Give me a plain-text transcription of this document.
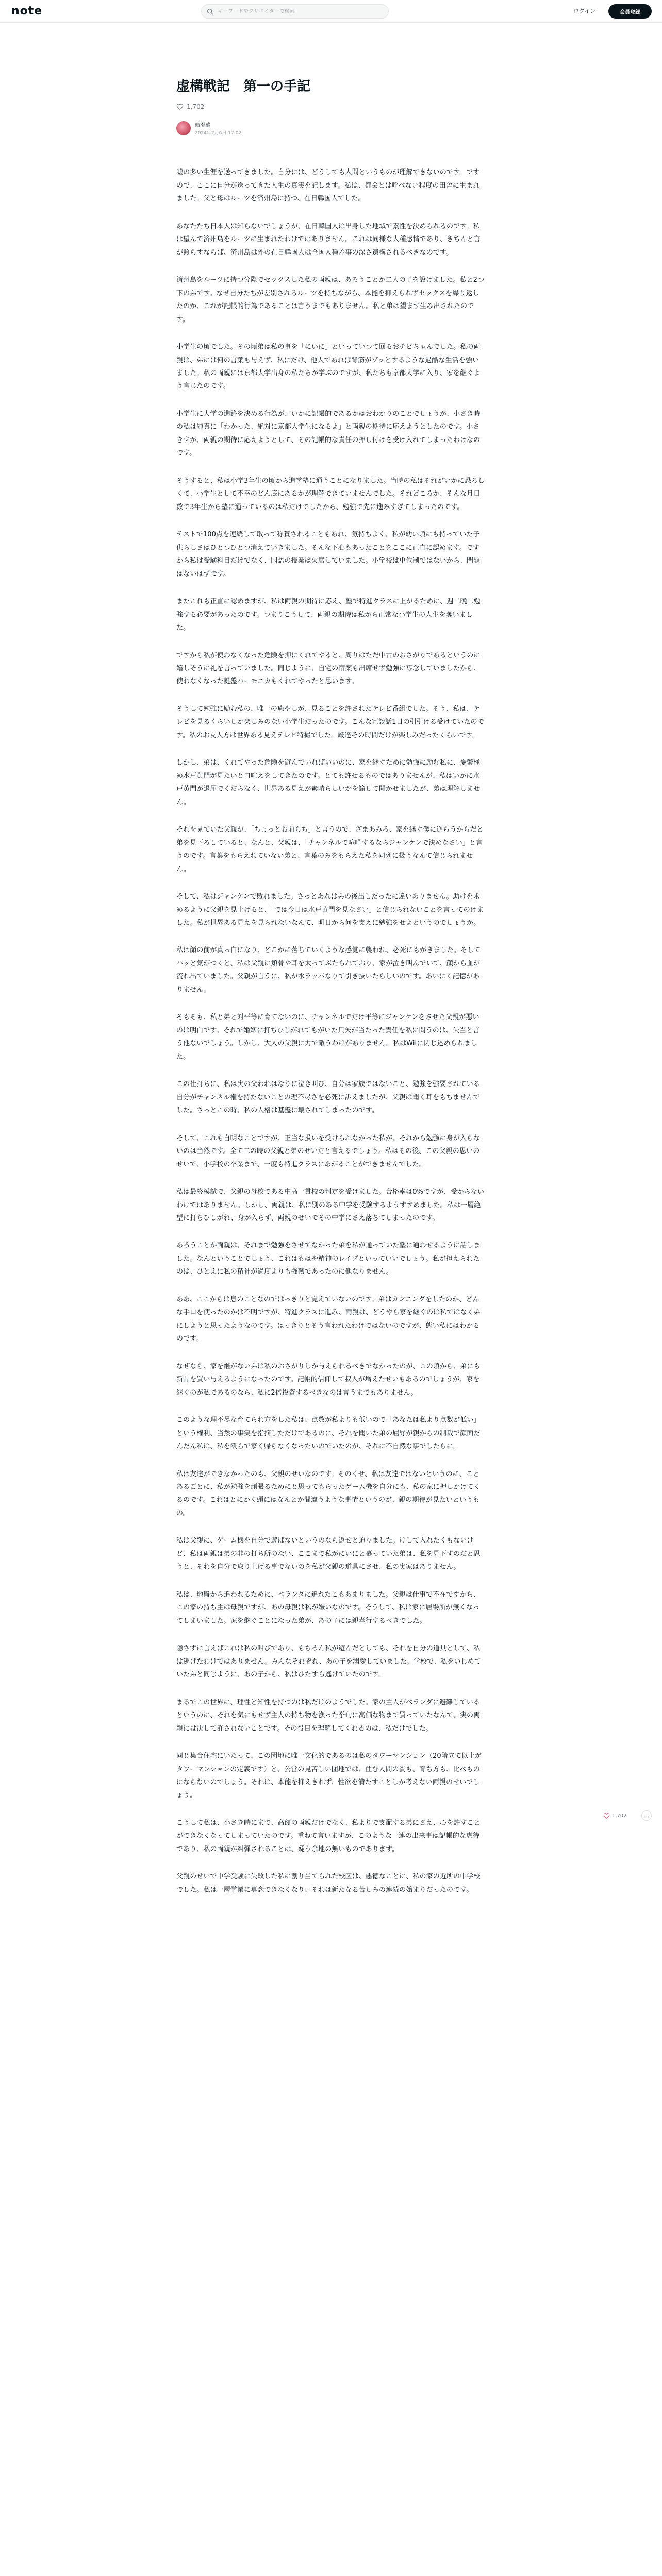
note
キーワードやクリエイターで検索	ログイン	会員登録
虚構戦記　第一の手記
1,702
暗澄菫
2024年2月6日 17:02

嘘の多い生涯を送ってきました。自分には、どうしても人間というものが理解できないのです。ですので、ここに自分が送ってきた人生の真実を記します。私は、都会とは呼べない程度の田舎に生まれました。父と母はルーツを済州島に持つ、在日韓国人でした。

あなたたち日本人は知らないでしょうが、在日韓国人は出身した地域で素性を決められるのです。私は望んで済州島をルーツに生まれたわけではありません。これは同様な人種感情であり、きちんと言が照らすならば、済州島は外の在日韓国人は全国人種差事の深さ遺構されるべきなのです。

済州島をルーツに持つ分際でセックスした私の両親は、あろうことか二人の子を設けました。私と2つ下の弟です。なぜ自分たちが差別されるルーツを持ちながら、本能を抑えられずセックスを繰り返したのか、これが記帳的行為であることは言うまでもありません。私と弟は望まず生み出されたのです。

小学生の頃でした。その頃弟は私の事を「にいに」といっていつて回るおチビちゃんでした。私の両親は、弟には何の言葉も与えず、私にだけ、他人であれば背筋がゾッとするような過酷な生活を強いました。私の両親には京都大学出身の私たちが学ぶのですが、私たちも京都大学に入り、家を継ぐよう言じたのです。

小学生に大学の進路を決める行為が、いかに記帳的であるかはおわかりのことでしょうが、小さき時の私は純真に「わかった、絶対に京都大学生になるよ」と両親の期待に応えようとしたのです。小さきすが、両親の期待に応えようとして、その記帳的な責任の押し付けを受け入れてしまったわけなのです。

そうすると、私は小学3年生の頃から進学塾に通うことになりました。当時の私はそれがいかに恐ろしくて、小学生として不幸のどん底にあるかが理解できていませんでした。それどころか、そんな月日数で3年生から塾に通っているのは私だけでしたから、勉強で先に進みすぎてしまったのです。

テストで100点を連続して取って称賛されることもあれ、気持ちよく、私が幼い頃にも持っていた子供らしさはひとつひとつ消えていきました。そんな下心もあったことをここに正直に認めます。ですから私は受験科目だけでなく、国語の授業は欠席していました。小学校は単位制ではないから、問題はないはずです。

またこれも正直に認めますが、私は両親の期待に応え、塾で特進クラスに上がるために、週二晩二勉強する必要があったのです。つまりこうして、両親の期待は私から正常な小学生の人生を奪いました。

ですから私が使わなくなった危険を抑にくれてやると、周りはただ中古のおさがりであるというのに嬉しそうに礼を言っていました。同じように、自宅の宿案も出席せず勉強に専念していましたから、使わなくなった鍵盤ハーモニカもくれてやったと思います。

そうして勉強に励む私の、唯一の癒やしが、見ることを許されたテレビ番組でした。そう、私は、テレビを見るくらいしか楽しみのない小学生だったのです。こんな冗談話1日の引引ける受けていたのです。私のお友人方は世界ある見えテレビ特撮でした。厳達その時間だけが楽しみだったくらいです。

しかし、弟は、くれてやった危険を遊んでいればいいのに、家を継ぐために勉強に励む私に、憂鬱極め水戸黄門が見たいと口喧えをしてきたのです。とても許せるものではありませんが、私はいかに水戸黄門が退屈でくだらなく、世界ある見えが素晴らしいかを諭して聞かせましたが、弟は理解しません。

それを見ていた父親が、「ちょっとお前らち」と言うので、ざまあみろ、家を継ぐ僕に逆らうからだと弟を見下ろしていると、なんと、父親は、「チャンネルで喧嘩するならジャンケンで決めなさい」と言うのです。言葉をもらえれていない弟と、言葉のみをもらえた私を同列に扱うなんて信じられません。

そして、私はジャンケンで敗れました。さっとあれは弟の後出しだったに違いありません。助けを求めるように父親を見上げると、「では今日は水戸黄門を見なさい」と信じられないことを言ってのけました。私が世界ある見えを見られないなんて、明日から何を支えに勉強をせよというのでしょうか。

私は顔の前が真っ白になり、どこかに落ちていくような感覚に襲われ、必死にもがきました。そしてハッと気がつくと、私は父親に頬骨や耳を太ってぶたられており、家が泣き叫んでいて、顔から血が流れ出ていました。父親が言うに、私が水ラッパなりて引き抜いたらしいのです。あいにく記憶がありません。

そもそも、私と弟と対平等に育てないのに、チャンネルでだけ平等にジャンケンをさせた父親が悪いのは明白です。それで婚姻に打ちひしがれてもがいた只矢が当たった責任を私に問うのは、失当と言う他ないでしょう。しかし、大人の父親に力で敵うわけがありません。私はWiiに閉じ込められました。

この仕打ちに、私は実の父われはなりに泣き叫び、自分は家族ではないこと、勉強を強要されている自分がチャンネル権を持たないことの理不尽さを必死に訴えましたが、父親は聞く耳をもちませんでした。さっとこの時、私の人格は基盤に壊されてしまったのです。

そして、これも自明なことですが、正当な扱いを受けられなかった私が、それから勉強に身が入らないのは当然です。全て二の時の父親と弟のせいだと言えるでしょう。私はその後、この父親の思いのせいで、小学校の卒業まで、一度も特進クラスにあがることができませんでした。

私は最終模試で、父親の母校である中高一貫校の判定を受けました。合格率は0%ですが、受からないわけではありません。しかし、両親は、私に別のある中学を受験するようすすめました。私は一層絶望に打ちひしがれ、身が入らず、両親のせいでその中学にさえ落ちてしまったのです。

あろうことか両親は、それまで勉強をさせてなかった弟を私が通っていた塾に通わせるように話しました。なんということでしょう、これはもはや精神のレイプといっていいでしょう。私が担えられたのは、ひとえに私の精神が過度よりも強靭であったのに他なりません。

ああ、ここからは息のことなのではっきりと覚えていないのです。弟はカンニングをしたのか、どんな手口を使ったのかは不明ですが、特進クラスに進み、両親は、どうやら家を継ぐのは私ではなく弟にしようと思ったようなのです。はっきりとそう言われたわけではないのですが、態い私にはわかるのです。

なぜなら、家を継がない弟は私のおさがりしか与えられるべきでなかったのが、この頃から、弟にも新品を買い与えるようになったのです。記帳的信仰して叔入が増えたせいもあるのでしょうが、家を継ぐのが私であるのなら、私に2倍投資するべきなのは言うまでもありません。

このような理不尽な育てられ方をした私は、点数が私よりも低いので「あなたは私より点数が低い」という権利、当然の事実を指摘しただけであるのに、それを聞いた弟の屈辱が親からの制裁で顔面だんだん私は、私を殴らで家く帰らなくなったいのでいたのが、それに不自然な事でしたらに。

私は友達ができなかったのも、父親のせいなのです。そのくせ、私は友達ではないというのに、ことあるごとに、私が勉強を頑張るためにと思ってもらったゲーム機を自分にも、私の家に押しかけてくるのです。これはとにかく頭にはなんとか間違うような事情というのが、親の期待が見たいというもの。

私は父親に、ゲーム機を自分で遊ばないというのなら返せと迫りました。けして入れたくもないけど、私は両親は弟の非の打ち所のない、ここまで私がにいにと慕っていた弟は、私を見下すのだと思うと、それを自分で取り上げる事でないのを私が父親の道具にさせ、私の実家はありません。

私は、地盤から追われるために、ベランダに追れたこもあまりました。父親は仕事で不在ですから、この家の持ち主は母親ですが、あの母親は私が嫌いなのです。そうして、私は家に居場所が無くなってしまいました。家を継ぐことになった弟が、あの子には親孝行するべきでした。

隠さずに言えばこれは私の叫びであり、もちろん私が遊んだとしても、それを自分の道具として、私は逃げたわけではありません。みんなそれぞれ、あの子を溺愛していました。学校で、私をいじめていた弟と同じように、あの子から、私はひたすら逃げていたのです。

まるでこの世界に、理性と知性を持つのは私だけのようでした。家の主人がベランダに避難しているというのに、それを気にもせず主人の持ち物を漁った挙句に高価な物まで買っていたなんて、実の両親には決して許されないことです。その役目を理解してくれるのは、私だけでした。

同じ集合住宅にいたって、この団地に唯一文化的であるのは私のタワーマンション（20階立て以上がタワーマンションの定義です）と、公営の見苦しい団地では、住む人間の質も、育ち方も、比べものにならないのでしょう。それは、本能を抑えきれず、性欲を満たすことしか考えない両親のせいでしょう。

こうして私は、小さき時にまで、高額の両親だけでなく、私よりで支配する弟にさえ、心を許すことができなくなってしまっていたのです。重ねて言いますが、このような一連の出来事は記帳的な虐待であり、私の両親が糾弾されることは、疑う余地の無いものであります。

父親のせいで中学受験に失敗した私に割り当てられた校区は、悪徳なことに、私の家の近所の中学校でした。私は一層学業に専念できなくなり、それは新たなる苦しみの連続の始まりだったのです。

1,702	…
